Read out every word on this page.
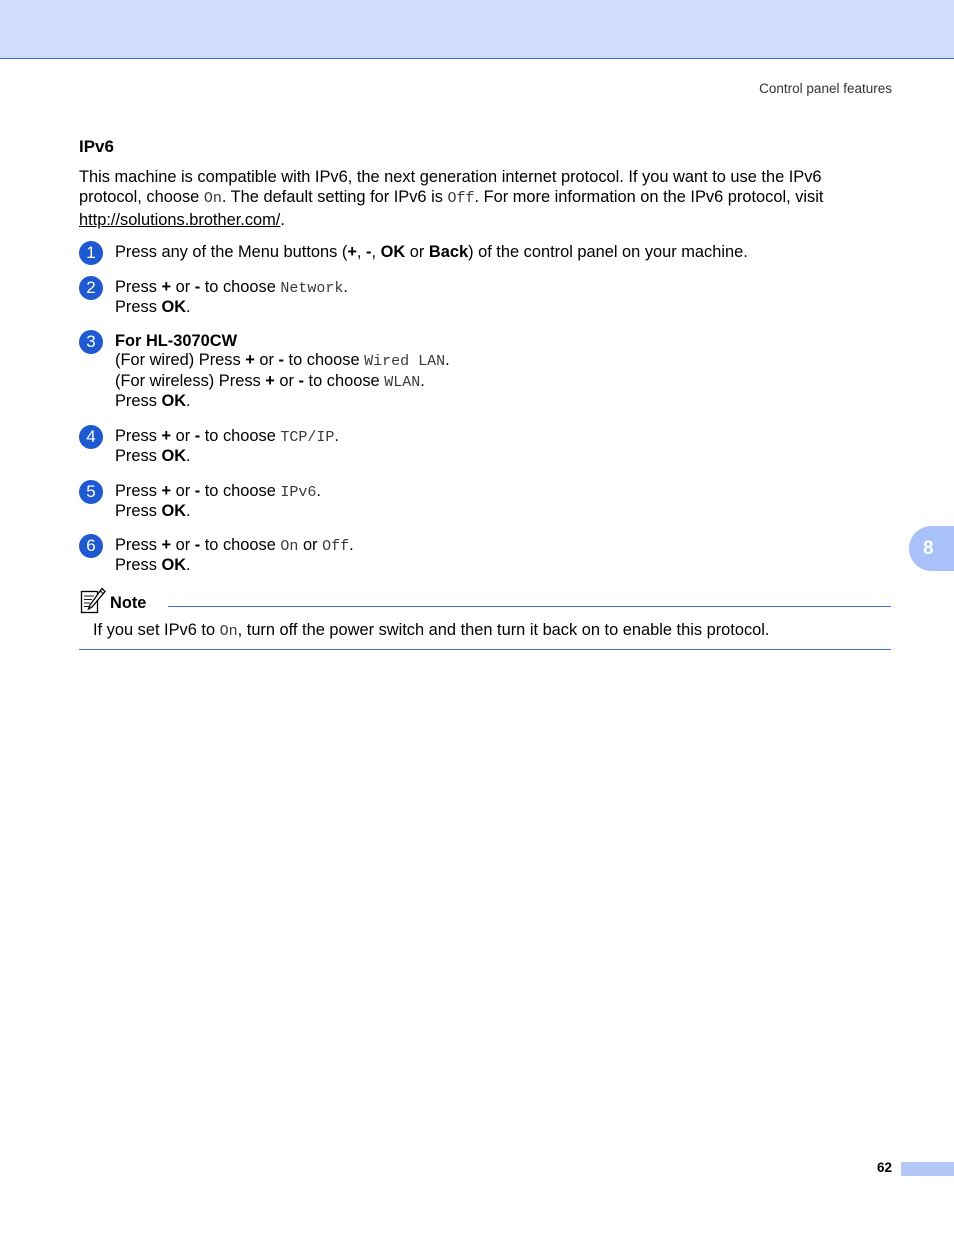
Control panel features
IPv6

This machine is compatible with IPv6, the next generation internet protocol. If you want to use the IPv6 protocol, choose On. The default setting for IPv6 is Off. For more information on the IPv6 protocol, visit http://solutions.brother.com/.

1	Press any of the Menu buttons (+, -, OK or Back) of the control panel on your machine.
2	Press + or - to choose Network.
Press OK.
3	For HL-3070CW
(For wired) Press + or - to choose Wired LAN.
(For wireless) Press + or - to choose WLAN.
Press OK.
4	Press + or - to choose TCP/IP.
Press OK.
5	Press + or - to choose IPv6.
Press OK.
6	Press + or - to choose On or Off.
Press OK.
8
Note

If you set IPv6 to On, turn off the power switch and then turn it back on to enable this protocol.

62
